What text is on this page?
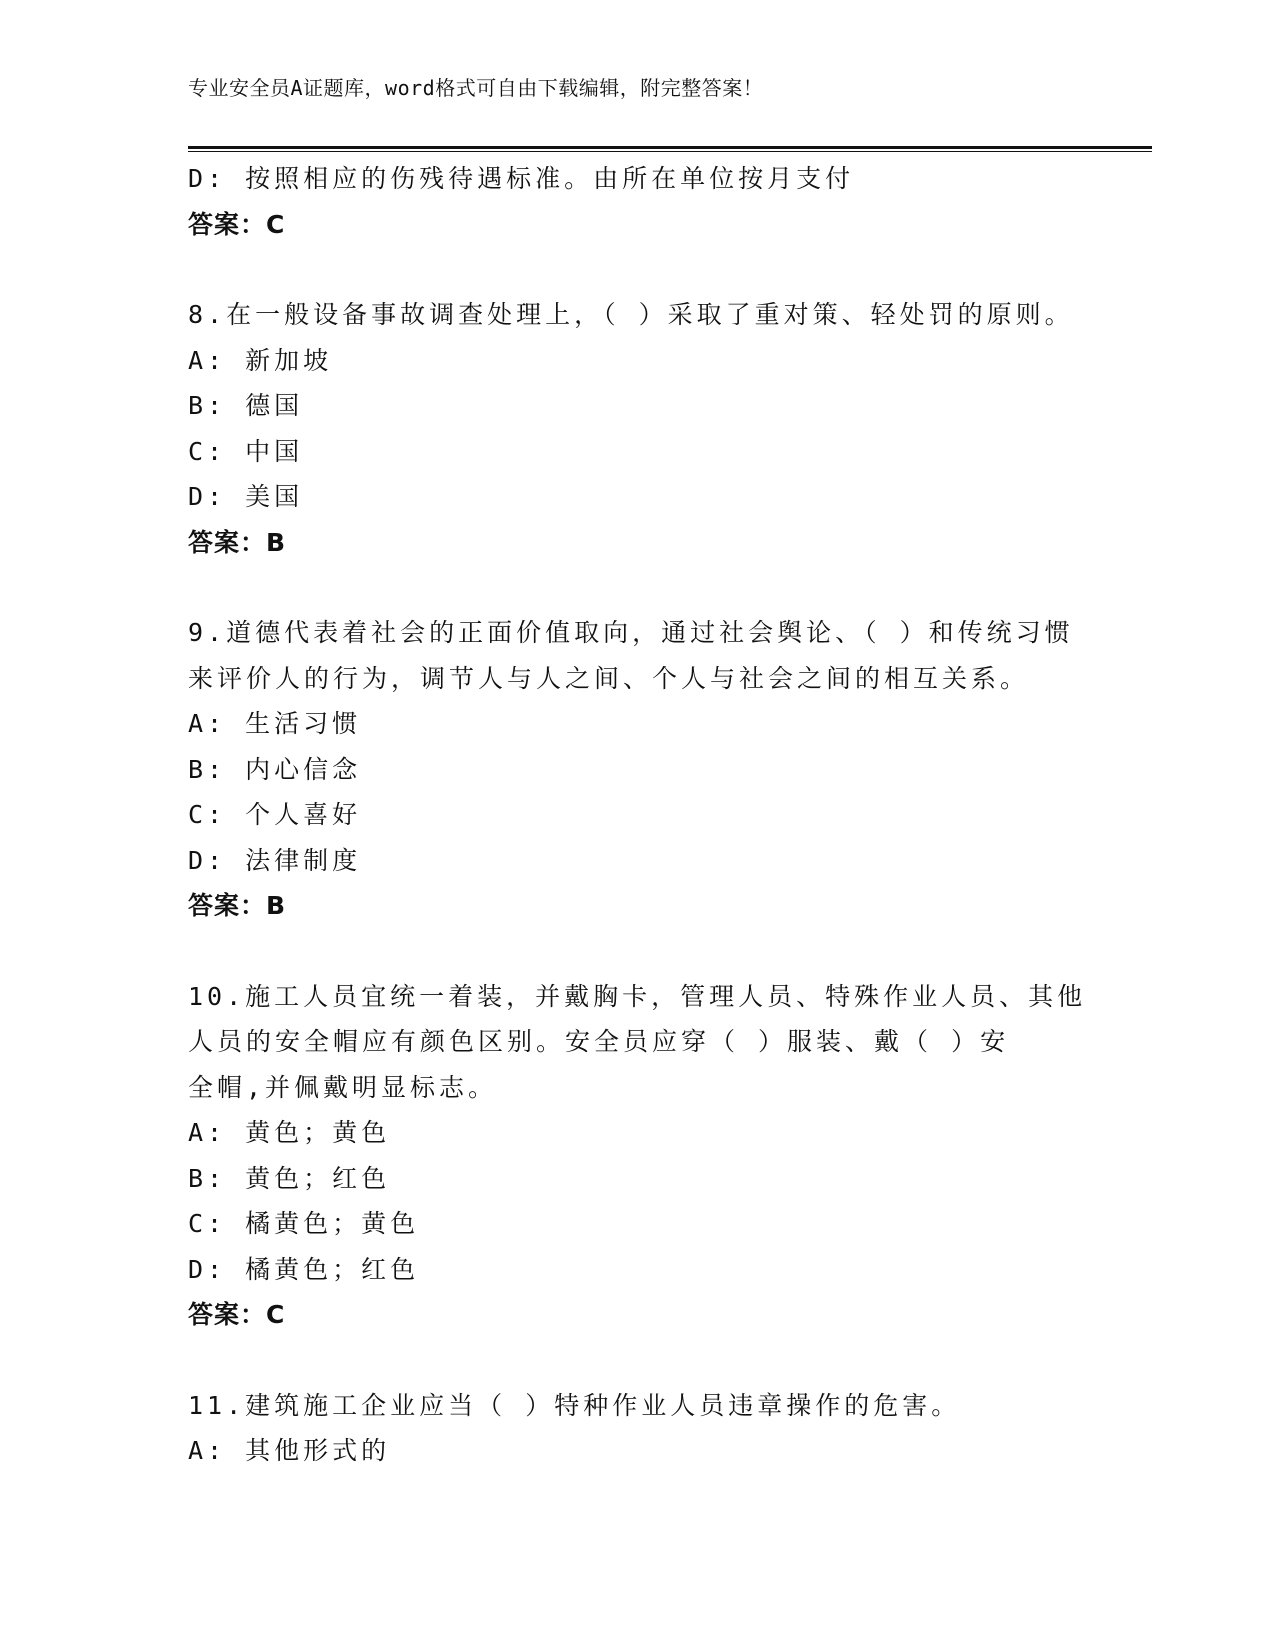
专业安全员A证题库，word格式可自由下载编辑，附完整答案！
D: 按照相应的伤残待遇标准。由所在单位按月支付
答案：C
8.在一般设备事故调查处理上，（ ）采取了重对策、轻处罚的原则。
A: 新加坡
B: 德国
C: 中国
D: 美国
答案：B
9.道德代表着社会的正面价值取向，通过社会舆论、（ ）和传统习惯
来评价人的行为，调节人与人之间、个人与社会之间的相互关系。
A: 生活习惯
B: 内心信念
C: 个人喜好
D: 法律制度
答案：B
10.施工人员宜统一着装，并戴胸卡，管理人员、特殊作业人员、其他
人员的安全帽应有颜色区别。安全员应穿（ ）服装、戴（ ）安
全帽,并佩戴明显标志。
A: 黄色；黄色
B: 黄色；红色
C: 橘黄色；黄色
D: 橘黄色；红色
答案：C
11.建筑施工企业应当（ ）特种作业人员违章操作的危害。
A: 其他形式的
